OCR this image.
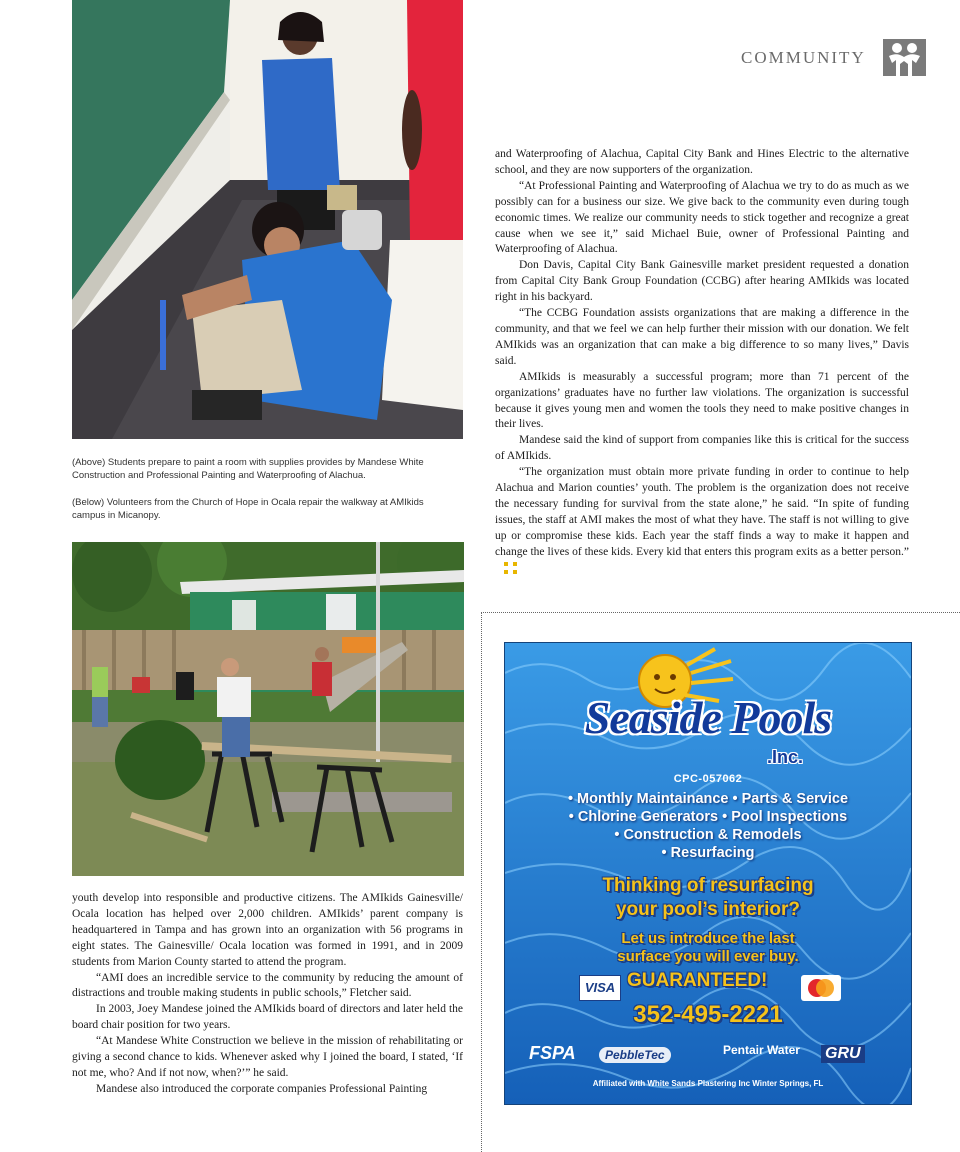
COMMUNITY
(Above) Students prepare to paint a room with supplies provides by Mandese White Construction and Professional Painting and Waterproofing of Alachua.
(Below) Volunteers from the Church of Hope in Ocala repair the walkway at AMIkids campus in Micanopy.

and Waterproofing of Alachua, Capital City Bank and Hines Electric to the alternative school, and they are now supporters of the organization.

“At Professional Painting and Waterproofing of Alachua we try to do as much as we possibly can for a business our size. We give back to the community even during tough economic times. We realize our community needs to stick together and recognize a great cause when we see it,” said Michael Buie, owner of Professional Painting and Waterproofing of Alachua.

Don Davis, Capital City Bank Gainesville market president requested a donation from Capital City Bank Group Foundation (CCBG) after hearing AMIkids was located right in his backyard.

“The CCBG Foundation assists organizations that are making a difference in the community, and that we feel we can help further their mission with our donation. We felt AMIkids was an organization that can make a big difference to so many lives,” Davis said.

AMIkids is measurably a successful program; more than 71 percent of the organizations’ graduates have no further law violations. The organization is successful because it gives young men and women the tools they need to make positive changes in their lives.

Mandese said the kind of support from companies like this is critical for the success of AMIkids.

“The organization must obtain more private funding in order to continue to help Alachua and Marion counties’ youth. The problem is the organization does not receive the necessary funding for survival from the state alone,” he said. “In spite of funding issues, the staff at AMI makes the most of what they have. The staff is not willing to give up or compromise these kids. Each year the staff finds a way to make it happen and change the lives of these kids. Every kid that enters this program exits as a better person.”

youth develop into responsible and productive citizens. The AMIkids Gainesville/ Ocala location has helped over 2,000 children. AMIkids’ parent company is headquartered in Tampa and has grown into an organization with 56 programs in eight states. The Gainesville/ Ocala location was formed in 1991, and in 2009 students from Marion County started to attend the program.

“AMI does an incredible service to the community by reducing the amount of distractions and trouble making students in public schools,” Fletcher said.

In 2003, Joey Mandese joined the AMIkids board of directors and later held the board chair position for two years.

“At Mandese White Construction we believe in the mission of rehabilitating or giving a second chance to kids. Whenever asked why I joined the board, I stated, ‘If not me, who? And if not now, when?’” he said.

Mandese also introduced the corporate companies Professional Painting

Seaside Pools
.Inc.
CPC-057062
• Monthly Maintainance • Parts & Service
• Chlorine Generators • Pool Inspections
• Construction & Remodels
• Resurfacing
Thinking of resurfacing
your pool’s interior?
Let us introduce the last
surface you will ever buy.
VISA GUARANTEED!
352-495-2221
FSPA	PebbleTec	Pentair Water GRU
Affiliated with White Sands Plastering Inc Winter Springs, FL
